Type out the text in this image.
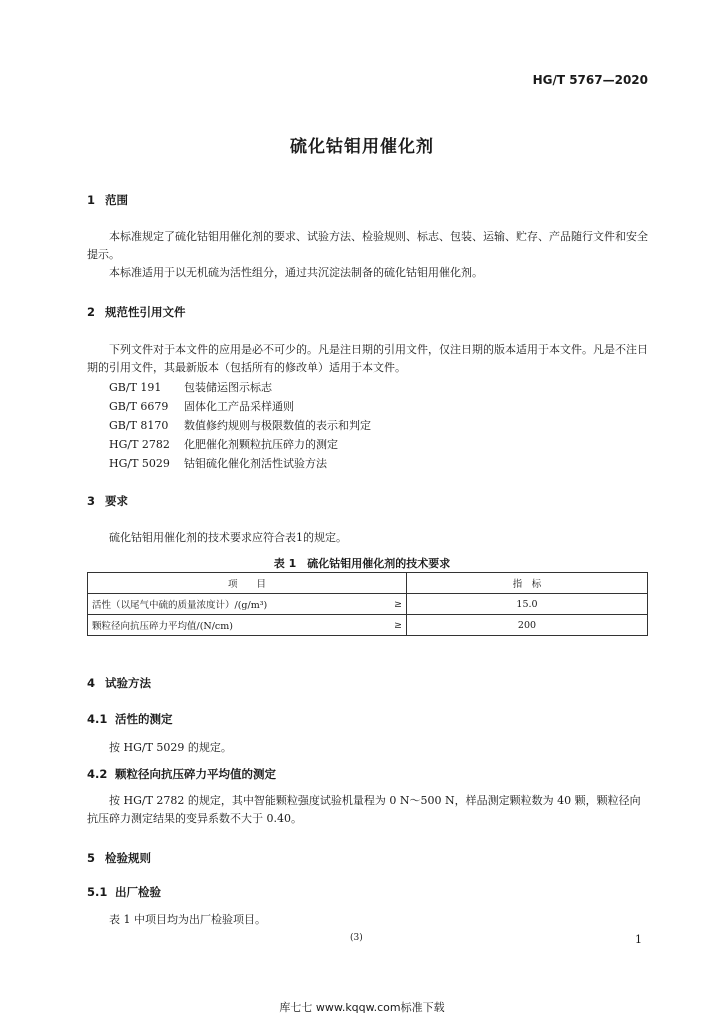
HG/T 5767—2020
硫化钴钼用催化剂
1 范围
本标准规定了硫化钴钼用催化剂的要求、试验方法、检验规则、标志、包装、运输、贮存、产品随行文件和安全提示。
本标准适用于以无机硫为活性组分，通过共沉淀法制备的硫化钴钼用催化剂。
2 规范性引用文件
下列文件对于本文件的应用是必不可少的。凡是注日期的引用文件，仅注日期的版本适用于本文件。凡是不注日期的引用文件，其最新版本（包括所有的修改单）适用于本文件。
GB/T 191 包装储运图示标志
GB/T 6679 固体化工产品采样通则
GB/T 8170 数值修约规则与极限数值的表示和判定
HG/T 2782 化肥催化剂颗粒抗压碎力的测定
HG/T 5029 钴钼硫化催化剂活性试验方法
3 要求
硫化钴钼用催化剂的技术要求应符合表1的规定。
表 1　硫化钴钼用催化剂的技术要求
项　　目		指　标
活性（以尾气中硫的质量浓度计）/(g/m³)	≥	15.0
颗粒径向抗压碎力平均值/(N/cm)	≥	200
4 试验方法
4.1 活性的测定
按 HG/T 5029 的规定。
4.2 颗粒径向抗压碎力平均值的测定
按 HG/T 2782 的规定，其中智能颗粒强度试验机量程为 0 N～500 N，样品测定颗粒数为 40 颗，颗粒径向抗压碎力测定结果的变异系数不大于 0.40。
5 检验规则
5.1 出厂检验
表 1 中项目均为出厂检验项目。
(3)	1
库七七 www.kqqw.com标准下载
